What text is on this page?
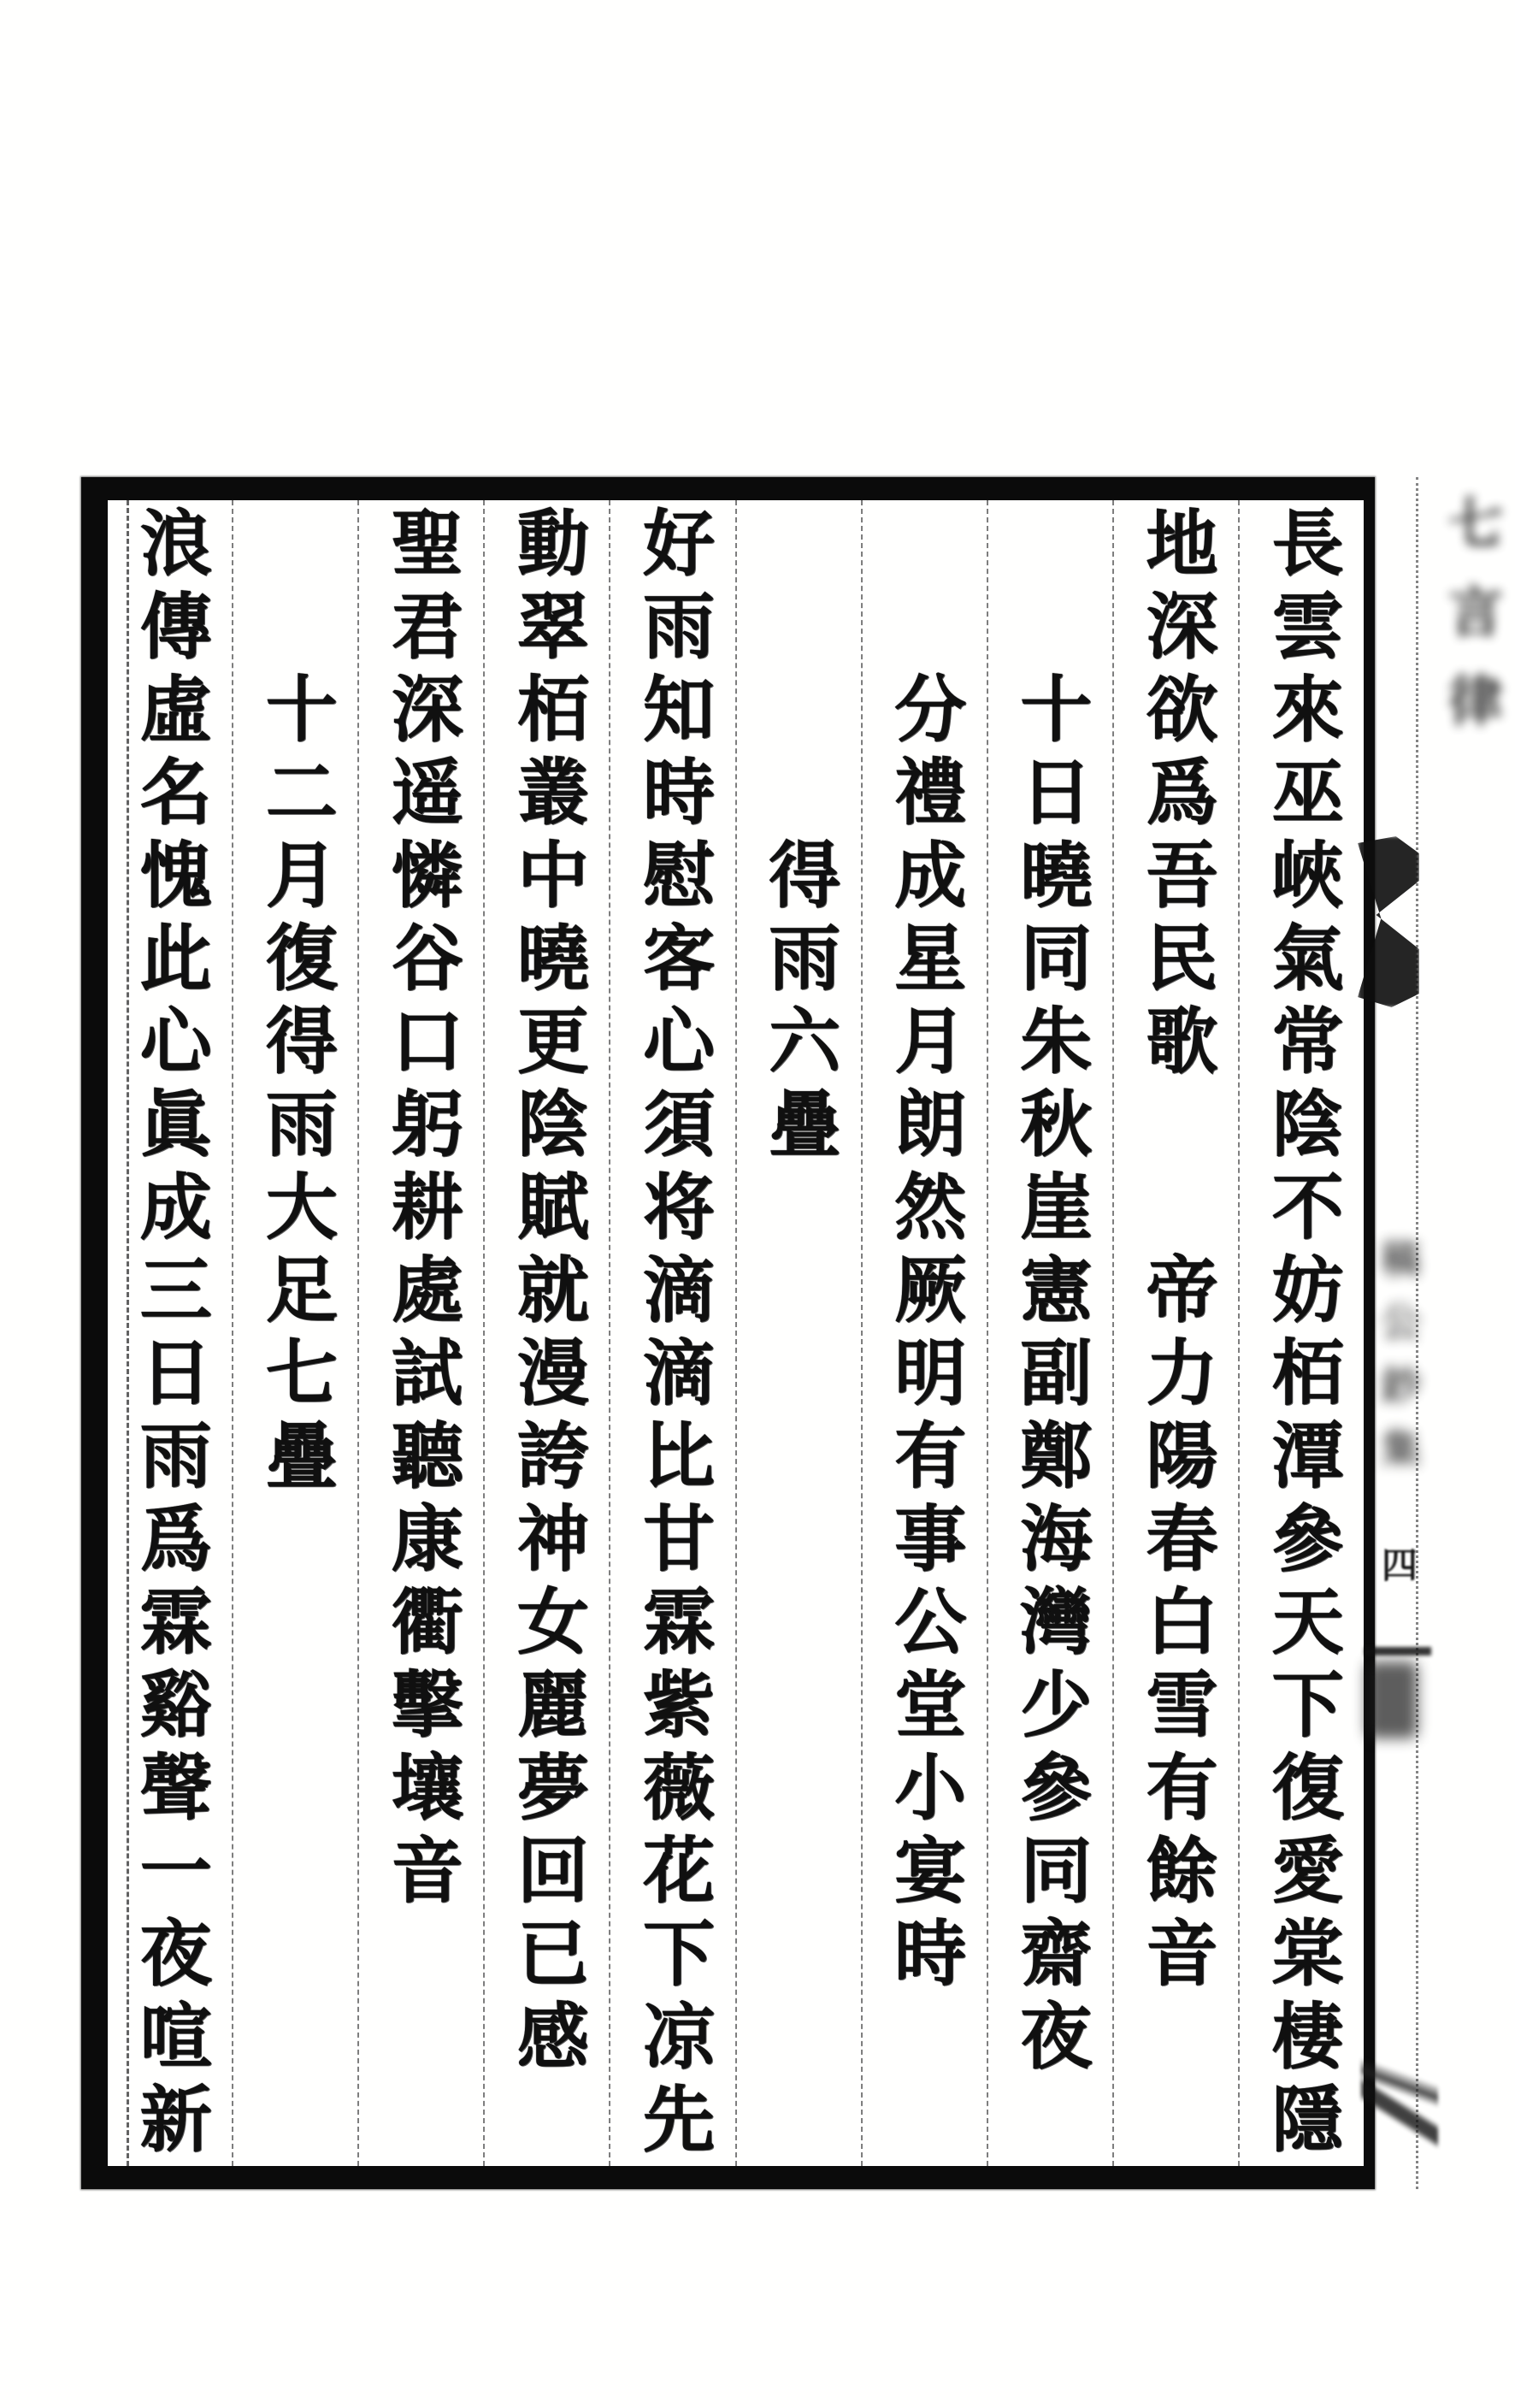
長雲來巫峽氣常陰不妨栢潭參天下復愛棠棲隱
地深欲爲吾民歌　　帝力陽春白雪有餘音
十日曉同朱秋崖憲副鄭海灣少參同齋夜
分禮成星月朗然厥明有事公堂小宴時
得雨六疊
好雨知時慰客心須将滴滴比甘霖紫薇花下凉先
動翠栢叢中曉更陰賦就漫誇神女麗夢回已感
聖君深遥憐谷口躬耕處試聽康衢擊壤音
十二月復得雨大足七疊
浪傳虛名愧此心眞成三日雨爲霖谿聲一夜喧新	七言律
稿公鈔集
四
